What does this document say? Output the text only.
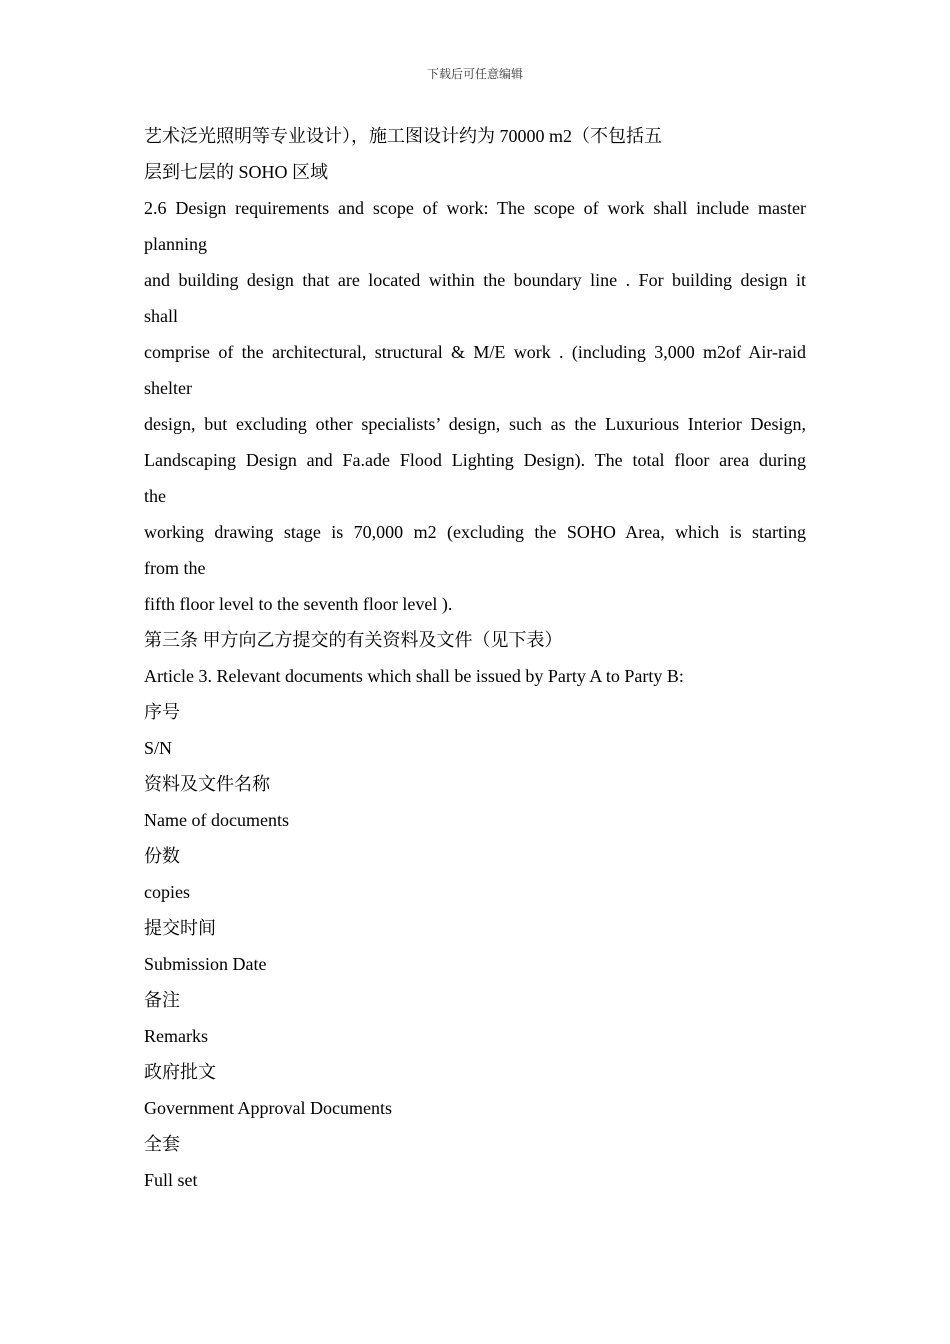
下载后可任意编辑
艺术泛光照明等专业设计），施工图设计约为 70000 m2（不包括五
层到七层的 SOHO 区域
2.6 Design requirements and scope of work: The scope of work shall include master
planning
and building design that are located within the boundary line . For building design it
shall
comprise of the architectural, structural & M/E work . (including 3,000 m2of Air-raid
shelter
design, but excluding other specialists’ design, such as the Luxurious Interior Design,
Landscaping Design and Fa.ade Flood Lighting Design). The total floor area during
the
working drawing stage is 70,000 m2 (excluding the SOHO Area, which is starting
from the
fifth floor level to the seventh floor level ).
第三条 甲方向乙方提交的有关资料及文件（见下表）
Article 3. Relevant documents which shall be issued by Party A to Party B:
序号
S/N
资料及文件名称
Name of documents
份数
copies
提交时间
Submission Date
备注
Remarks
政府批文
Government Approval Documents
全套
Full set
